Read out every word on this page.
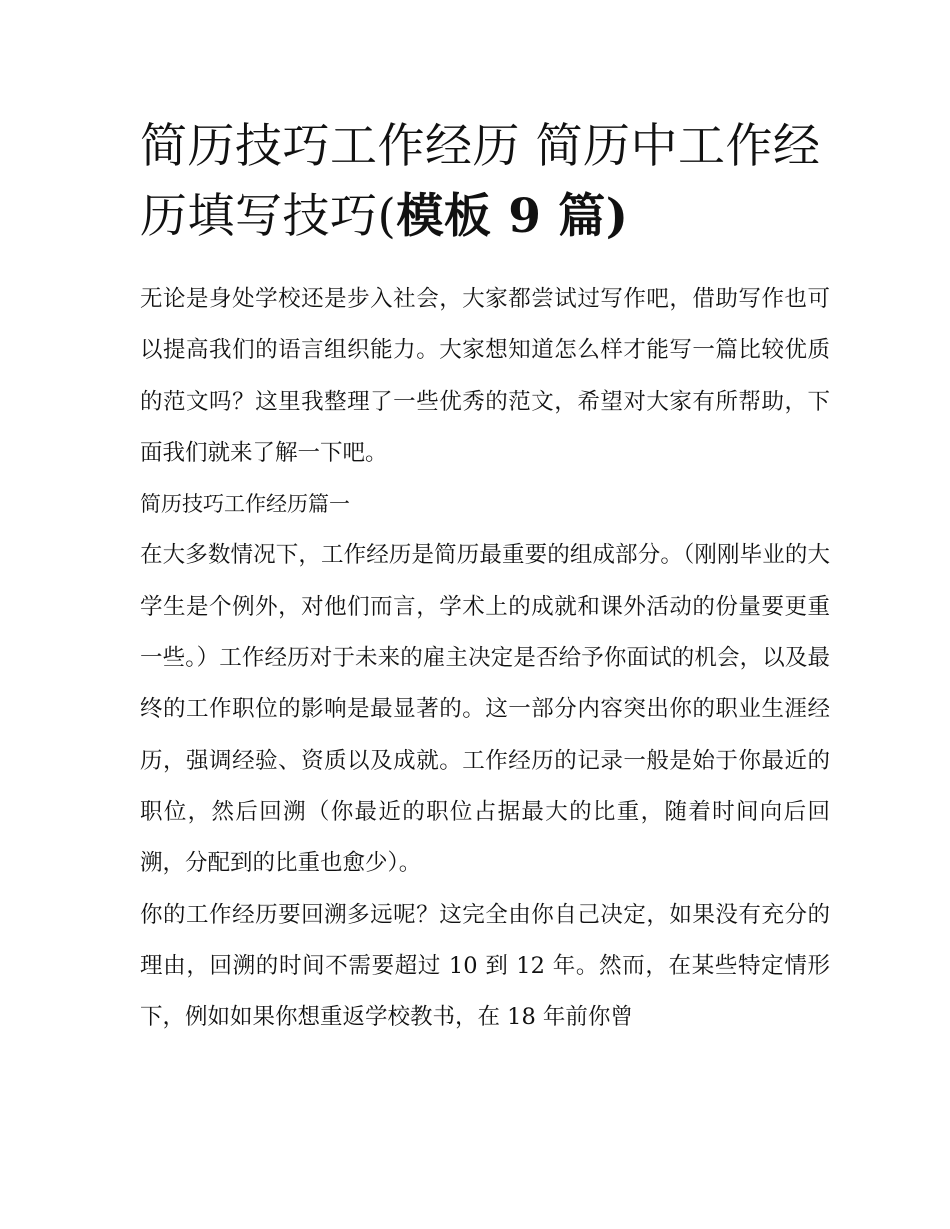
简历技巧工作经历 简历中工作经历填写技巧(模板 9 篇)

无论是身处学校还是步入社会，大家都尝试过写作吧，借助写作也可以提高我们的语言组织能力。大家想知道怎么样才能写一篇比较优质的范文吗？这里我整理了一些优秀的范文，希望对大家有所帮助，下面我们就来了解一下吧。

简历技巧工作经历篇一

在大多数情况下，工作经历是简历最重要的组成部分。（刚刚毕业的大学生是个例外，对他们而言，学术上的成就和课外活动的份量要更重一些。）工作经历对于未来的雇主决定是否给予你面试的机会，以及最终的工作职位的影响是最显著的。这一部分内容突出你的职业生涯经历，强调经验、资质以及成就。工作经历的记录一般是始于你最近的职位，然后回溯（你最近的职位占据最大的比重，随着时间向后回溯，分配到的比重也愈少）。

你的工作经历要回溯多远呢？这完全由你自己决定，如果没有充分的理由，回溯的时间不需要超过 10 到 12 年。然而，在某些特定情形下，例如如果你想重返学校教书，在 18 年前你曾
